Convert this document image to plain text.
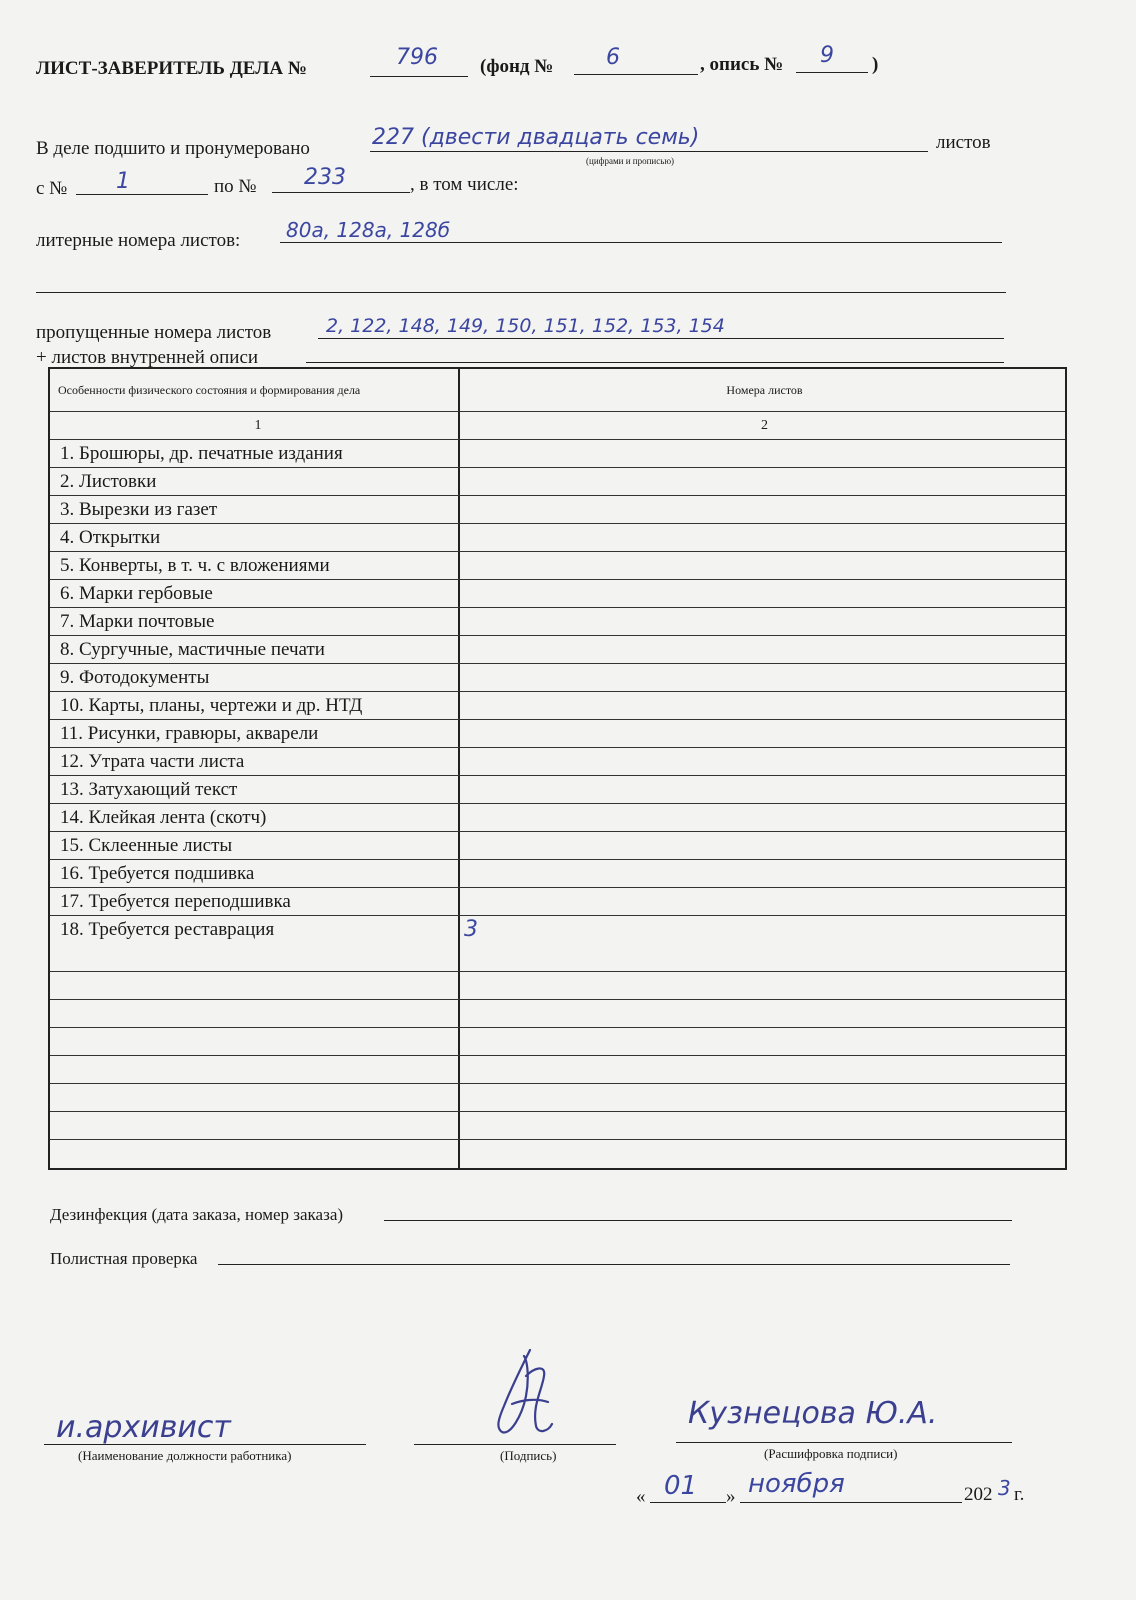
ЛИСТ-ЗАВЕРИТЕЛЬ ДЕЛА №	796 (фонд № 6	, опись № 9 )
В деле подшито и пронумеровано	227 (двести двадцать семь)	листов
(цифрами и прописью)
с № 1	по № 233	, в том числе:
литерные номера листов: 80а, 128а, 128б
пропущенные номера листов	2, 122, 148, 149, 150, 151, 152, 153, 154
+ листов внутренней описи
Особенности физического состояния и формирования дела	Номера листов
1	2
1. Брошюры, др. печатные издания
2. Листовки
3. Вырезки из газет
4. Открытки
5. Конверты, в т. ч. с вложениями
6. Марки гербовые
7. Марки почтовые
8. Сургучные, мастичные печати
9. Фотодокументы
10. Карты, планы, чертежи и др. НТД
11. Рисунки, гравюры, акварели
12. Утрата части листа
13. Затухающий текст
14. Клейкая лента (скотч)
15. Склеенные листы
16. Требуется подшивка
17. Требуется переподшивка
18. Требуется реставрация	3
Дезинфекция (дата заказа, номер заказа)
Полистная проверка
и.архивист
(Наименование должности работника)	(Подпись)
Кузнецова Ю.А.
(Расшифровка подписи)
« 01 » ноября	202 3 г.
